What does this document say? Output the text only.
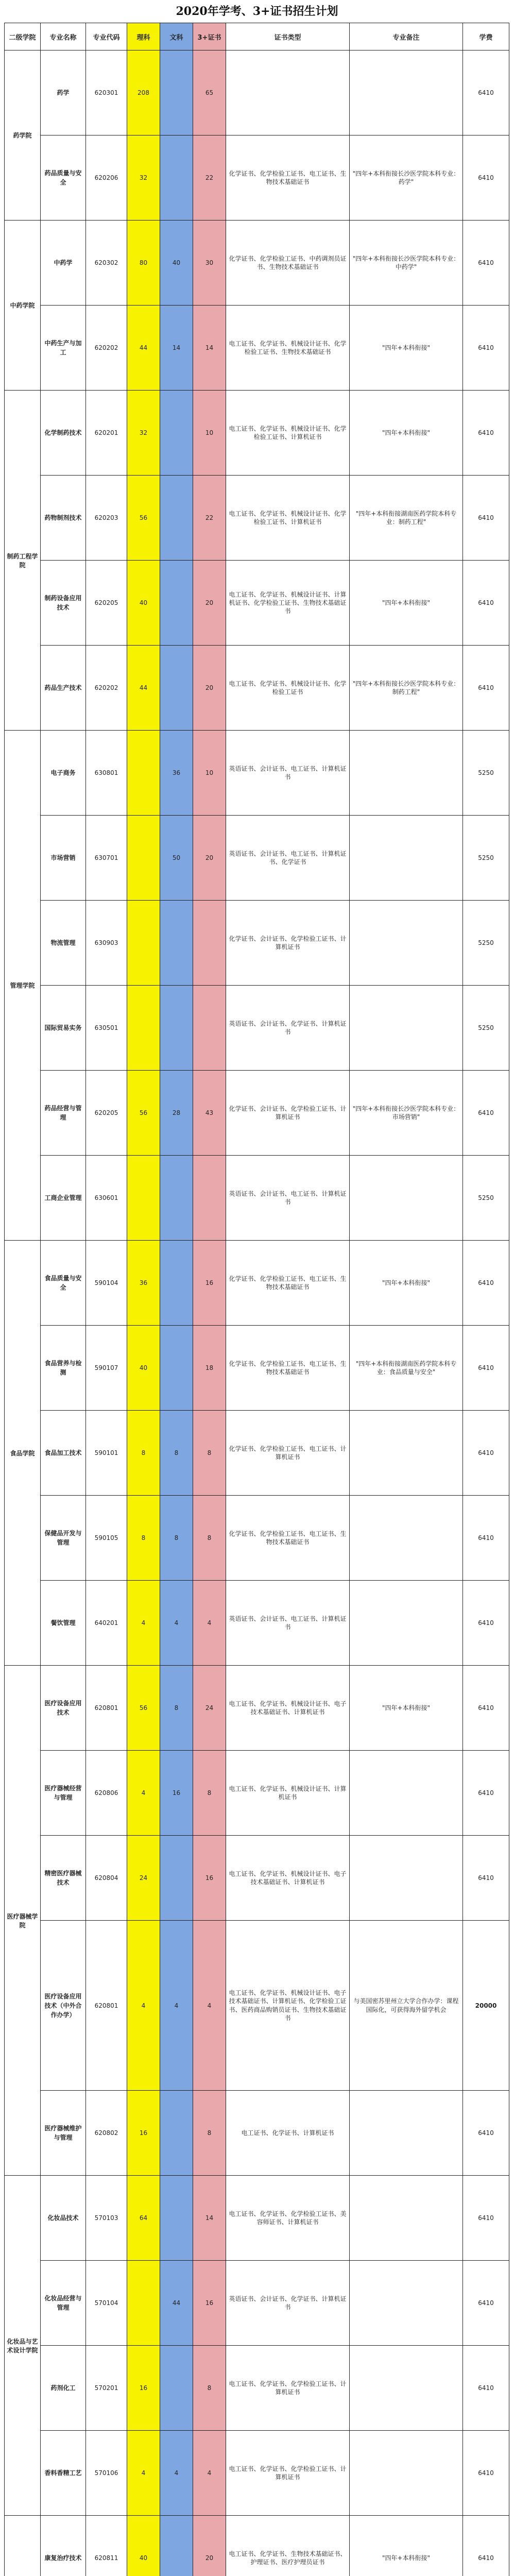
2020年学考、3+证书招生计划
二级学院	专业名称	专业代码	理科	文科	3+证书	证书类型	专业备注	学费
药学院	药学	620301	208		65			6410
	药品质量与安全	620206	32		22	化学证书、化学检验工证书、电工证书、生物技术基础证书	"四年+本科衔接长沙医学院本科专业：药学"	6410
中药学院	中药学	620302	80	40	30	化学证书、化学检验工证书、中药调剂员证书、生物技术基础证书	"四年+本科衔接长沙医学院本科专业：中药学"	6410
	中药生产与加工	620202	44	14	14	电工证书、化学证书、机械设计证书、化学检验工证书、生物技术基础证书	"四年+本科衔接"	6410
制药工程学院	化学制药技术	620201	32		10	电工证书、化学证书、机械设计证书、化学检验工证书、计算机证书	"四年+本科衔接"	6410
	药物制剂技术	620203	56		22	电工证书、化学证书、机械设计证书、化学检验工证书、计算机证书	"四年+本科衔接湖南医药学院本科专业：制药工程"	6410
	制药设备应用技术	620205	40		20	电工证书、化学证书、机械设计证书、计算机证书、化学检验工证书、生物技术基础证书	"四年+本科衔接"	6410
	药品生产技术	620202	44		20	电工证书、化学证书、机械设计证书、化学检验工证书	"四年+本科衔接长沙医学院本科专业：制药工程"	6410
管理学院	电子商务	630801		36	10	英语证书、会计证书、电工证书、计算机证书		5250
	市场营销	630701		50	20	英语证书、会计证书、电工证书、计算机证书、化学证书		5250
	物流管理	630903				化学证书、会计证书、化学检验工证书、计算机证书		5250
	国际贸易实务	630501				英语证书、会计证书、化学证书、计算机证书		5250
	药品经营与管理	620205	56	28	43	化学证书、会计证书、化学检验工证书、计算机证书	"四年+本科衔接长沙医学院本科专业：市场营销"	6410
	工商企业管理	630601				英语证书、会计证书、电工证书、计算机证书		5250
食品学院	食品质量与安全	590104	36		16	化学证书、化学检验工证书、电工证书、生物技术基础证书	"四年+本科衔接"	6410
	食品营养与检测	590107	40		18	化学证书、化学检验工证书、电工证书、生物技术基础证书	"四年+本科衔接湖南医药学院本科专业：食品质量与安全"	6410
	食品加工技术	590101	8	8	8	化学证书、化学检验工证书、电工证书、计算机证书		6410
	保健品开发与管理	590105	8	8	8	化学证书、化学检验工证书、电工证书、生物技术基础证书		6410
	餐饮管理	640201	4	4	4	英语证书、会计证书、电工证书、计算机证书		6410
医疗器械学院	医疗设备应用技术	620801	56	8	24	电工证书、化学证书、机械设计证书、电子技术基础证书、计算机证书	"四年+本科衔接"	6410
	医疗器械经营与管理	620806	4	16	8	电工证书、化学证书、机械设计证书、计算机证书		6410
	精密医疗器械技术	620804	24		16	电工证书、化学证书、机械设计证书、电子技术基础证书、计算机证书		6410
	医疗设备应用技术（中外合作办学）	620801	4	4	4	电工证书、化学证书、机械设计证书、电子技术基础证书、计算机证书、化学检验工证书、医药商品购销员证书、生物技术基础证书	与美国密苏里州立大学合作办学：课程国际化，可获得海外留学机会	20000
	医疗器械维护与管理	620802	16		8	电工证书、化学证书、计算机证书		6410
化妆品与艺术设计学院	化妆品技术	570103	64		14	电工证书、化学证书、化学检验工证书、美容师证书、计算机证书		6410
	化妆品经营与管理	570104		44	16	英语证书、会计证书、化学证书、计算机证书		6410
	药剂化工	570201	16		8	电工证书、化学证书、化学检验工证书、计算机证书		6410
	香料香精工艺	570106	4	4	4	电工证书、化学证书、化学检验工证书、计算机证书		6410
	康复治疗技术	620811	40		20	电工证书、化学证书、生物技术基础证书、护理证书、医疗护理员证书	"四年+本科衔接"	6410
